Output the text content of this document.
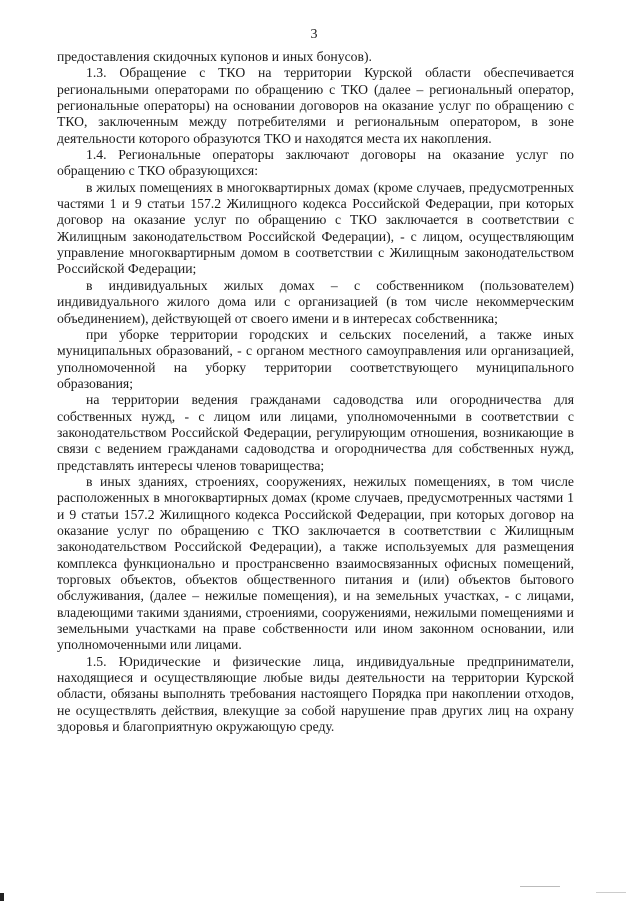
3

предоставления скидочных купонов и иных бонусов).

1.3. Обращение с ТКО на территории Курской области обеспечивается региональными операторами по обращению с ТКО (далее – региональный оператор, региональные операторы) на основании договоров на оказание услуг по обращению с ТКО, заключенным между потребителями и региональным оператором, в зоне деятельности которого образуются ТКО и находятся места их накопления.

1.4. Региональные операторы заключают договоры на оказание услуг по обращению с ТКО образующихся:

в жилых помещениях в многоквартирных домах (кроме случаев, предусмотренных частями 1 и 9 статьи 157.2 Жилищного кодекса Российской Федерации, при которых договор на оказание услуг по обращению с ТКО заключается в соответствии с Жилищным законодательством Российской Федерации), - с лицом, осуществляющим управление многоквартирным домом в соответствии с Жилищным законодательством Российской Федерации;

в индивидуальных жилых домах – с собственником (пользователем) индивидуального жилого дома или с организацией (в том числе некоммерческим объединением), действующей от своего имени и в интересах собственника;

при уборке территории городских и сельских поселений, а также иных муниципальных образований, - с органом местного самоуправления или организацией, уполномоченной на уборку территории соответствующего муниципального образования;

на территории ведения гражданами садоводства или огородничества для собственных нужд, - с лицом или лицами, уполномоченными в соответствии с законодательством Российской Федерации, регулирующим отношения, возникающие в связи с ведением гражданами садоводства и огородничества для собственных нужд, представлять интересы членов товарищества;

в иных зданиях, строениях, сооружениях, нежилых помещениях, в том числе расположенных в многоквартирных домах (кроме случаев, предусмотренных частями 1 и 9 статьи 157.2 Жилищного кодекса Российской Федерации, при которых договор на оказание услуг по обращению с ТКО заключается в соответствии с Жилищным законодательством Российской Федерации), а также используемых для размещения комплекса функционально и пространсвенно взаимосвязанных офисных помещений, торговых объектов, объектов общественного питания и (или) объектов бытового обслуживания, (далее – нежилые помещения), и на земельных участках, - с лицами, владеющими такими зданиями, строениями, сооружениями, нежилыми помещениями и земельными участками на праве собственности или ином законном основании, или уполномоченными или лицами.

1.5. Юридические и физические лица, индивидуальные предприниматели, находящиеся и осуществляющие любые виды деятельности на территории Курской области, обязаны выполнять требования настоящего Порядка при накоплении отходов, не осуществлять действия, влекущие за собой нарушение прав других лиц на охрану здоровья и благоприятную окружающую среду.
